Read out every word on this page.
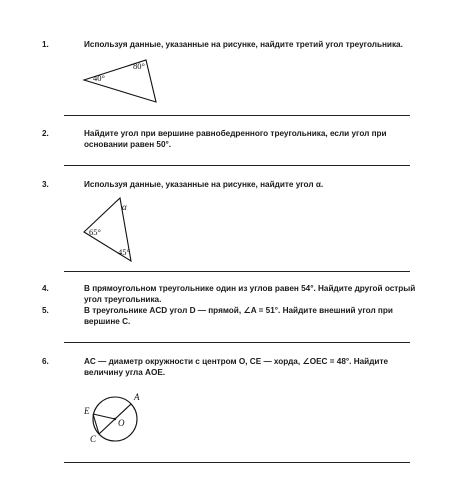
1.	Используя данные, указанные на рисунке, найдите третий угол треугольника.
40°
80°
2.	Найдите угол при вершине равнобедренного треугольника, если угол при основании равен 50°.
3.	Используя данные, указанные на рисунке, найдите угол α.
α
65°
45°
4.	В прямоугольном треугольнике один из углов равен 54°. Найдите другой острый угол треугольника.
5.	В треугольнике ACD угол D — прямой, ∠A = 51°. Найдите внешний угол при вершине C.
6.	AC — диаметр окружности с центром O, CE — хорда, ∠OEC = 48°. Найдите величину угла AOE.
A
E
O
C
